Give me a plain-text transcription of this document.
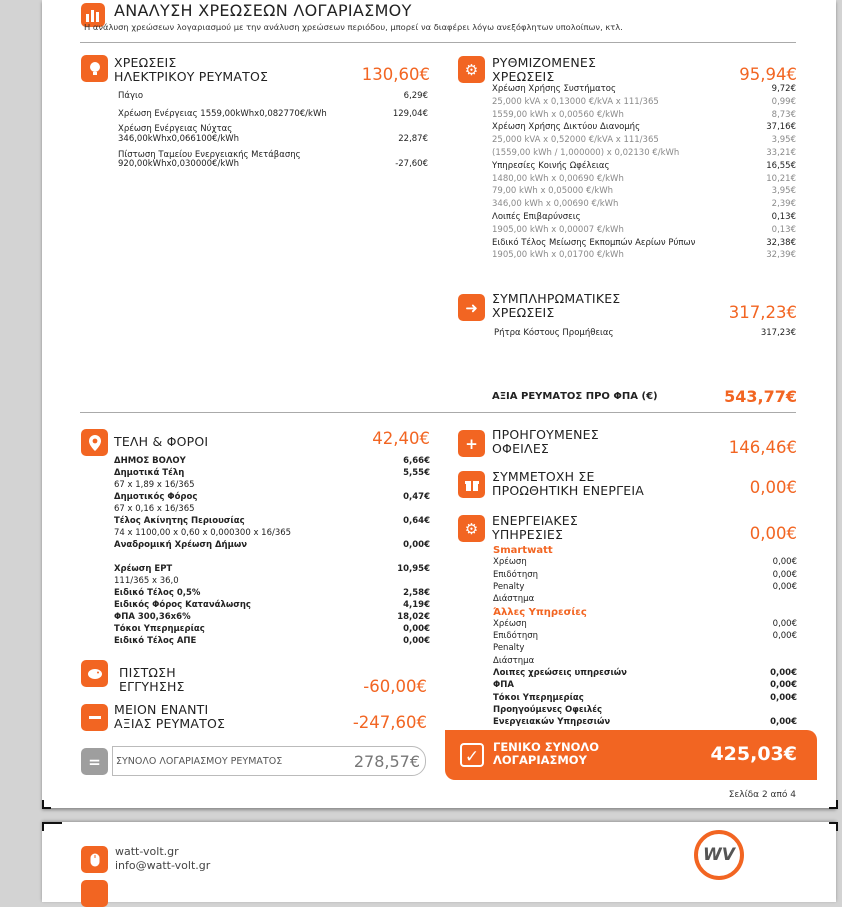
ΑΝΑΛΥΣΗ ΧΡΕΩΣΕΩΝ ΛΟΓΑΡΙΑΣΜΟΥ
Η ανάλυση χρεώσεων λογαριασμού με την ανάλυση χρεώσεων περιόδου, μπορεί να διαφέρει λόγω ανεξόφλητων υπολοίπων, κτλ.
ΧΡΕΩΣΕΙΣ
ΗΛΕΚΤΡΙΚΟΥ ΡΕΥΜΑΤΟΣ	130,60€
Πάγιο	6,29€
Χρέωση Ενέργειας 1559,00kWhx0,082770€/kWh	129,04€
Χρέωση Ενέργειας Νύχτας
346,00kWhx0,066100€/kWh	22,87€
Πίστωση Ταμείου Ενεργειακής Μετάβασης
920,00kWhx0,030000€/kWh	-27,60€
⚙	ΡΥΘΜΙΖΟΜΕΝΕΣ
ΧΡΕΩΣΕΙΣ	95,94€
Χρέωση Χρήσης Συστήματος	9,72€
25,000 kVA x 0,13000 €/kVA x 111/365	0,99€
1559,00 kWh x 0,00560 €/kWh	8,73€
Χρέωση Χρήσης Δικτύου Διανομής	37,16€
25,000 kVA x 0,52000 €/kVA x 111/365	3,95€
(1559,00 kWh / 1,000000) x 0,02130 €/kWh	33,21€
Υπηρεσίες Κοινής Ωφέλειας	16,55€
1480,00 kWh x 0,00690 €/kWh	10,21€
79,00 kWh x 0,05000 €/kWh	3,95€
346,00 kWh x 0,00690 €/kWh	2,39€
Λοιπές Επιβαρύνσεις	0,13€
1905,00 kWh x 0,00007 €/kWh	0,13€
Ειδικό Τέλος Μείωσης Εκπομπών Αερίων Ρύπων	32,38€
1905,00 kWh x 0,01700 €/kWh	32,39€
➜	ΣΥΜΠΛΗΡΩΜΑΤΙΚΕΣ
ΧΡΕΩΣΕΙΣ	317,23€
Ρήτρα Κόστους Προμήθειας	317,23€
ΑΞΙΑ ΡΕΥΜΑΤΟΣ ΠΡΟ ΦΠΑ (€)	543,77€
ΤΕΛΗ & ΦΟΡΟΙ	42,40€
ΔΗΜΟΣ ΒΟΛΟΥ	6,66€
Δημοτικά Τέλη	5,55€
67 x 1,89 x 16/365
Δημοτικός Φόρος	0,47€
67 x 0,16 x 16/365
Τέλος Ακίνητης Περιουσίας	0,64€
74 x 1100,00 x 0,60 x 0,000300 x 16/365
Αναδρομική Χρέωση Δήμων	0,00€
Χρέωση ΕΡΤ	10,95€
111/365 x 36,0
Ειδικό Τέλος 0,5%	2,58€
Ειδικός Φόρος Κατανάλωσης	4,19€
ΦΠΑ 300,36x6%	18,02€
Τόκοι Υπερημερίας	0,00€
Ειδικό Τέλος ΑΠΕ	0,00€
ΠΙΣΤΩΣΗ
ΕΓΓΥΗΣΗΣ	-60,00€
ΜΕΙΟΝ ΕΝΑΝΤΙ
ΑΞΙΑΣ ΡΕΥΜΑΤΟΣ	-247,60€
=	ΣΥΝΟΛΟ ΛΟΓΑΡΙΑΣΜΟΥ ΡΕΥΜΑΤΟΣ	278,57€
+	ΠΡΟΗΓΟΥΜΕΝΕΣ
ΟΦΕΙΛΕΣ	146,46€
ΣΥΜΜΕΤΟΧΗ ΣΕ
ΠΡΟΩΘΗΤΙΚΗ ΕΝΕΡΓΕΙΑ	0,00€
⚙	ΕΝΕΡΓΕΙΑΚΕΣ
ΥΠΗΡΕΣΙΕΣ	0,00€
Smartwatt
Χρέωση	0,00€
Επιδότηση	0,00€
Penalty	0,00€
Διάστημα
Άλλες Υπηρεσίες
Χρέωση	0,00€
Επιδότηση	0,00€
Penalty
Διάστημα
Λοιπες χρεώσεις υπηρεσιών	0,00€
ΦΠΑ	0,00€
Τόκοι Υπερημερίας	0,00€
Προηγούμενες Οφειλές
Ενεργειακών Υπηρεσιών	0,00€
✓	ΓΕΝΙΚΟ ΣΥΝΟΛΟ
ΛΟΓΑΡΙΑΣΜΟΥ	425,03€
Σελίδα 2 από 4
watt-volt.gr
info@watt-volt.gr
WV
